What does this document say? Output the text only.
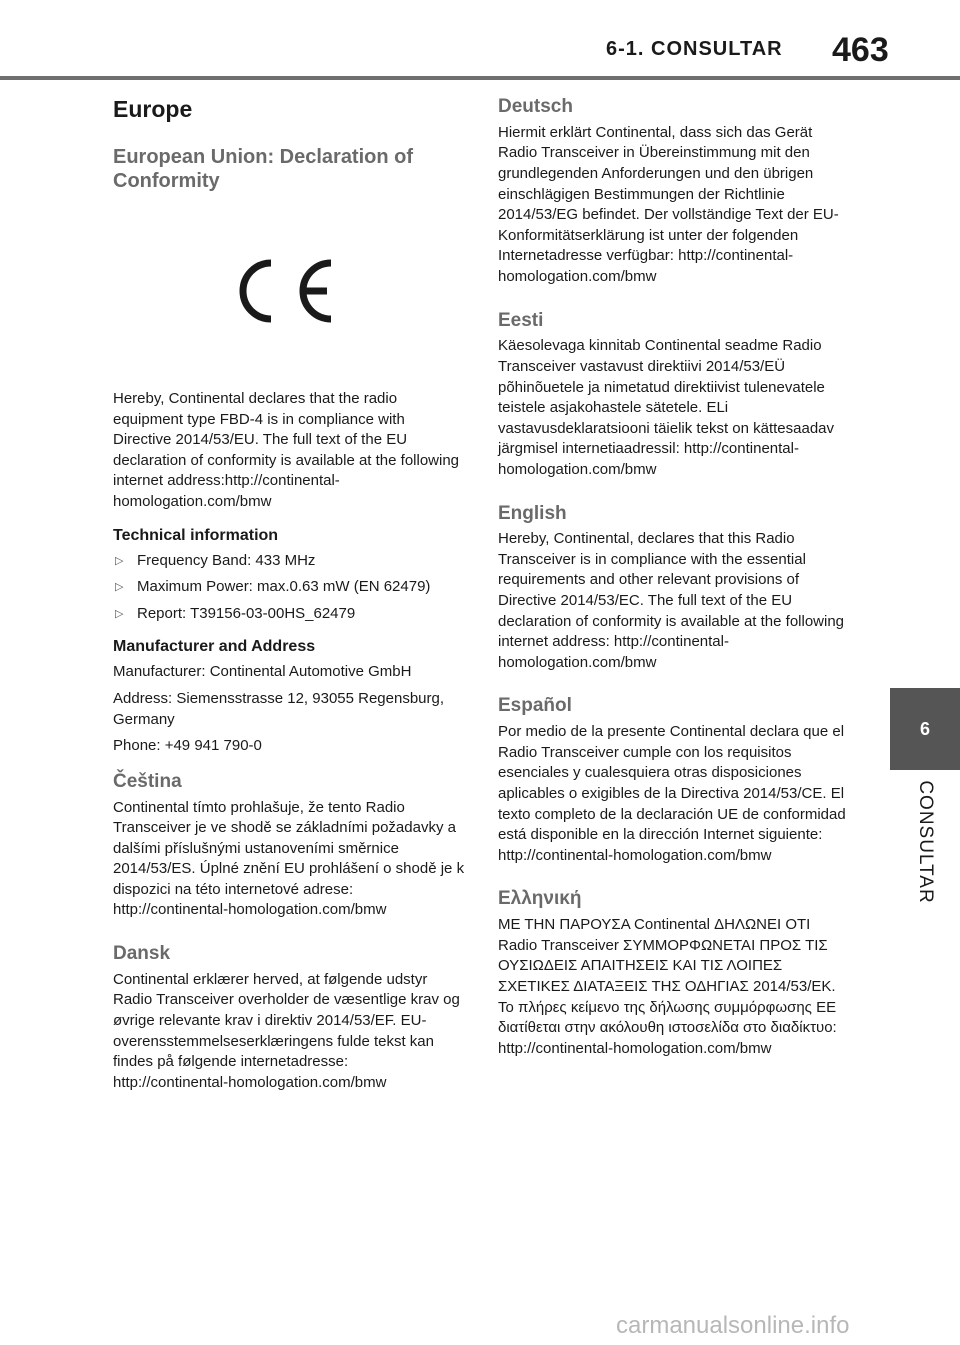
6-1. CONSULTAR 463
6
CONSULTAR
Europe
European Union: Declaration of Conformity

Hereby, Continental declares that the radio equipment type FBD-4 is in compliance with Directive 2014/53/EU. The full text of the EU declaration of conformity is available at the following internet address:http://continental-homologation.com/bmw

Technical information
▷ Frequency Band: 433 MHz
▷ Maximum Power: max.0.63 mW (EN 62479)
▷ Report: T39156-03-00HS_62479
Manufacturer and Address

Manufacturer: Continental Automotive GmbH

Address: Siemensstrasse 12, 93055 Regensburg, Germany

Phone: +49 941 790-0

Čeština

Continental tímto prohlašuje, že tento Radio Transceiver je ve shodě se základními požadavky a dalšími příslušnými ustanoveními směrnice 2014/53/ES. Úplné znění EU prohlášení o shodě je k dispozici na této internetové adrese: http://continental-homologation.com/bmw

Dansk

Continental erklærer herved, at følgende udstyr Radio Transceiver overholder de væsentlige krav og øvrige relevante krav i direktiv 2014/53/EF. EU-overensstemmelseserklæringens fulde tekst kan findes på følgende internetadresse: http://continental-homologation.com/bmw

Deutsch

Hiermit erklärt Continental, dass sich das Gerät Radio Transceiver in Übereinstimmung mit den grundlegenden Anforderungen und den übrigen einschlägigen Bestimmungen der Richtlinie 2014/53/EG befindet. Der vollständige Text der EU-Konformitätserklärung ist unter der folgenden Internetadresse verfügbar: http://continental-homologation.com/bmw

Eesti

Käesolevaga kinnitab Continental seadme Radio Transceiver vastavust direktiivi 2014/53/EÜ põhinõuetele ja nimetatud direktiivist tulenevatele teistele asjakohastele sätetele. ELi vastavusdeklaratsiooni täielik tekst on kättesaadav järgmisel internetiaadressil: http://continental-homologation.com/bmw

English

Hereby, Continental, declares that this Radio Transceiver is in compliance with the essential requirements and other relevant provisions of Directive 2014/53/EC. The full text of the EU declaration of conformity is available at the following internet address: http://continental-homologation.com/bmw

Español

Por medio de la presente Continental declara que el Radio Transceiver cumple con los requisitos esenciales y cualesquiera otras disposiciones aplicables o exigibles de la Directiva 2014/53/CE. El texto completo de la declaración UE de conformidad está disponible en la dirección Internet siguiente: http://continental-homologation.com/bmw

Ελληνική

ΜΕ ΤΗΝ ΠΑΡΟΥΣΑ Continental ΔΗΛΩΝΕΙ ΟΤΙ Radio Transceiver ΣΥΜΜΟΡΦΩΝΕΤΑΙ ΠΡΟΣ ΤΙΣ ΟΥΣΙΩΔΕΙΣ ΑΠΑΙΤΗΣΕΙΣ ΚΑΙ ΤΙΣ ΛΟΙΠΕΣ ΣΧΕΤΙΚΕΣ ΔΙΑΤΑΞΕΙΣ ΤΗΣ ΟΔΗΓΙΑΣ 2014/53/ΕΚ. Το πλήρες κείμενο της δήλωσης συμμόρφωσης ΕΕ διατίθεται στην ακόλουθη ιστοσελίδα στο διαδίκτυο: http://continental-homologation.com/bmw

carmanualsonline.info
